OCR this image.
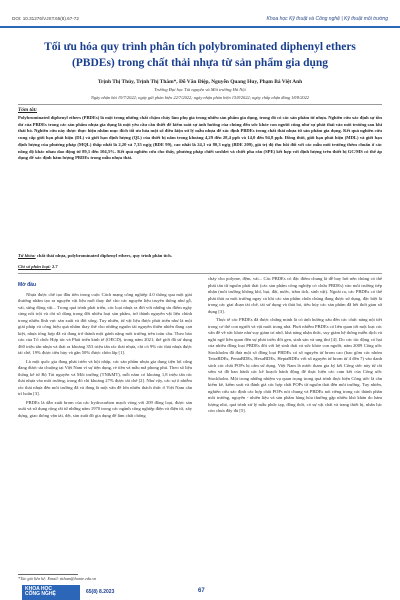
DOI: 10.31276/VJST.65(8).67-72	Khoa học Kỹ thuật và Công nghệ | Kỹ thuật môi trường
Tối ưu hóa quy trình phân tích polybrominated diphenyl ethers (PBDEs) trong chất thải nhựa từ sản phẩm gia dụng
Trịnh Thị Thủy, Trịnh Thị Thắm*, Đỗ Văn Điệp, Nguyễn Quang Huy, Phạm Bá Việt Anh
Trường Đại học Tài nguyên và Môi trường Hà Nội
Ngày nhận bài 19/7/2022; ngày gửi phản biện 22/7/2022; ngày nhận phản biện 15/8/2022; ngày chấp nhận đăng 18/8/2022
Tóm tắt:

Polybrominated diphenyl ethers (PBDEs) là một trong những chất chậm cháy làm phụ gia trong nhiều sản phẩm gia dụng, trong đó có các sản phẩm từ nhựa. Nghiên cứu xác định sự tồn dư của PBDEs trong các sản phẩm nhựa gia dụng là một yêu cầu cần thiết để kiểm soát sự ảnh hưởng của chúng đến sức khỏe con người cũng như sự phát thải vào môi trường sau khi thải bỏ. Nghiên cứu này được thực hiện nhằm mục đích tối ưu hóa một số điều kiện xử lý mẫu nhựa để xác định PBDEs trong chất thải nhựa từ sản phẩm gia dụng. Kết quả nghiên cứu cung cấp giới hạn phát hiện (DL) và giới hạn định lượng (QL) của thiết bị nằm trong khoảng 4,29 đến 28,4 ppb và 14,0 đến 94,8 ppb. Đồng thời, giới hạn phát hiện (MDL) và giới hạn định lượng của phương pháp (MQL) thấp nhất là 2,20 và 7,35 ng/g (BDE 99), cao nhất là 24,1 và 80,3 ng/g (BDE 209), giá trị độ thu hồi đối với các mẫu môi trường thêm chuẩn ở các nồng độ khác nhau dao động từ 89,1 đến 104,5%. Kết quả nghiên cứu cho thấy, phương pháp chiết soxhlet và chiết pha rắn (SPE) kết hợp với định lượng trên thiết bị GC/MS có thể áp dụng để xác định hàm lượng PBDEs trong mẫu nhựa thải.

Từ khóa: chất thải nhựa, polybrominated diphenyl ethers, quy trình phân tích.
Chỉ số phân loại: 2.7
Mở đầu

Nhựa được chế tạo đầu tiên trong cuộc Cách mạng công nghiệp 4.0 thông qua một giải thưởng nhằm tạo ra nguyên vật liệu mới thay thế cho các nguyên liệu truyền thống như gỗ, vải, sừng động vật... Trong quá trình phát triển, các loại nhựa ra đời với những ưu điểm ngày càng nổi trội và chi số dùng trong đời nhiều loại sản phẩm, trở thành nguyên vật liệu chính trong nhiều lĩnh vực sản xuất và đời sống. Tuy nhiên, từ vật liệu được phát triển như là một giải pháp và công hiệu quả nhằm thay thế cho những nguồn tài nguyên thiên nhiên đang cạn kiệt, nhựa tổng hợp đã và đang trở thành một gánh nặng môi trường trên toàn cầu. Theo báo cáo của Tổ chức Hợp tác và Phát triển kinh tế (OECD), trong năm 2021, thế giới đã sử dụng 460 triệu tấn nhựa và thải ra khoảng 353 triệu tấn rác thải nhựa, chỉ có 9% rác thải nhựa được tái chế, 19% được tiêu hủy và gần 50% được chôn lấp [1].

Là một quốc gia đang phát triển và hội nhập, các sản phẩm nhựa gia dụng tiện lợi cũng đang được ưa chuộng tại Việt Nam vì sự tiện dụng, rẻ tiền và mẫu mã phong phú. Theo số liệu thống kê từ Bộ Tài nguyên và Môi trường (TN&MT), mỗi năm có khoảng 1,8 triệu tấn rác thải nhựa vào môi trường, trong đó chỉ khoảng 27% được tái chế [2]. Như vậy, các sự ô nhiễm rác thải nhựa đến môi trường đã và đang là một vấn đề lớn nhiều thách thức ở Việt Nam cần trì hoãn [3].

PBDEs là dẫn xuất brom của các hydrocarbon mạch vòng với 209 đồng loại, được sản xuất và sử dụng rộng rãi từ những năm 1970 trong các ngành công nghiệp điện và điện tử, xây dựng, giao thông vận tải, dệt, sản xuất đồ gia dụng để làm chất chống

cháy cho polyme, đệm, vải... Các PBDEs có đặc điểm chung là dễ bay hơi nên chúng có thể phát tán từ nguồn phát thải (các sản phẩm công nghiệp có chứa PBDEs) vào môi trường tiếp nhận (môi trường không khí, bụi, đất, nước, trầm tích, sinh vật). Ngoài ra, các PBDEs có thể phát thải ra môi trường ngay cả khi các sản phẩm chứa chúng đang được sử dụng, đặc biệt là trong các giai đoạn tái chế, tái sử dụng và thải bỏ, tiêu hủy các sản phẩm đã hết thời gian sử dụng [3].

Thực tế các PBDEs đã được chứng minh là có ảnh hưởng xấu đến các chức năng nội tiết trong cơ thể con người và vật nuôi trong nhà. Phơi nhiễm PBDEs có liên quan tới một loạt các vấn đề về sức khỏe như suy giảm trí nhớ, khả năng nhận thức, suy giảm hệ thống miễn dịch và nghi ngờ liên quan đến sự phát triển đối gen, sinh sản và ung thư [4]. Do các tác động có hại của nhiều đồng loại PBDEs đối với hệ sinh thái và sức khỏe con người, năm 2009 Công ước Stockholm đã đưa một số đồng loại PBDEs có số nguyên tử brom cao (bao gồm các nhóm TetraBDEs, PentaBDEs, HexaBDEs, HeptaBDEs với số nguyên tử brom từ 4 đến 7) vào danh sách các chất POPs bị cấm sử dụng. Việt Nam là nước tham gia ký kết Công ước này từ rất sớm và đã ban hành các kế hoạch hành động để thực hiện các cam kết của Công ước Stockholm. Một trong những nhiệm vụ quan trọng trong quá trình thực hiện Công ước là cần kiểm kê, kiểm soát và đánh giá các hợp chất POPs từ nguồn thải đến môi trường. Tuy nhiên, nghiên cứu xác định các hợp chất POPs nói chung và PBDEs nói riêng trong các thành phần môi trường, nguyên - nhiên liệu và sản phẩm hàng hóa thường gặp nhiều khó khăn do hàm lượng nhỏ, quá trình xử lý mẫu phức tạp, đồng thời, có sự vật chất và trang thiết bị, nhân lực còn chưa đầy đủ [5].

*Tác giả liên hệ: Email: tttham@hunre.edu.vn
KHOA HỌC
CÔNG NGHỆ	65(8) 8.2023	67
